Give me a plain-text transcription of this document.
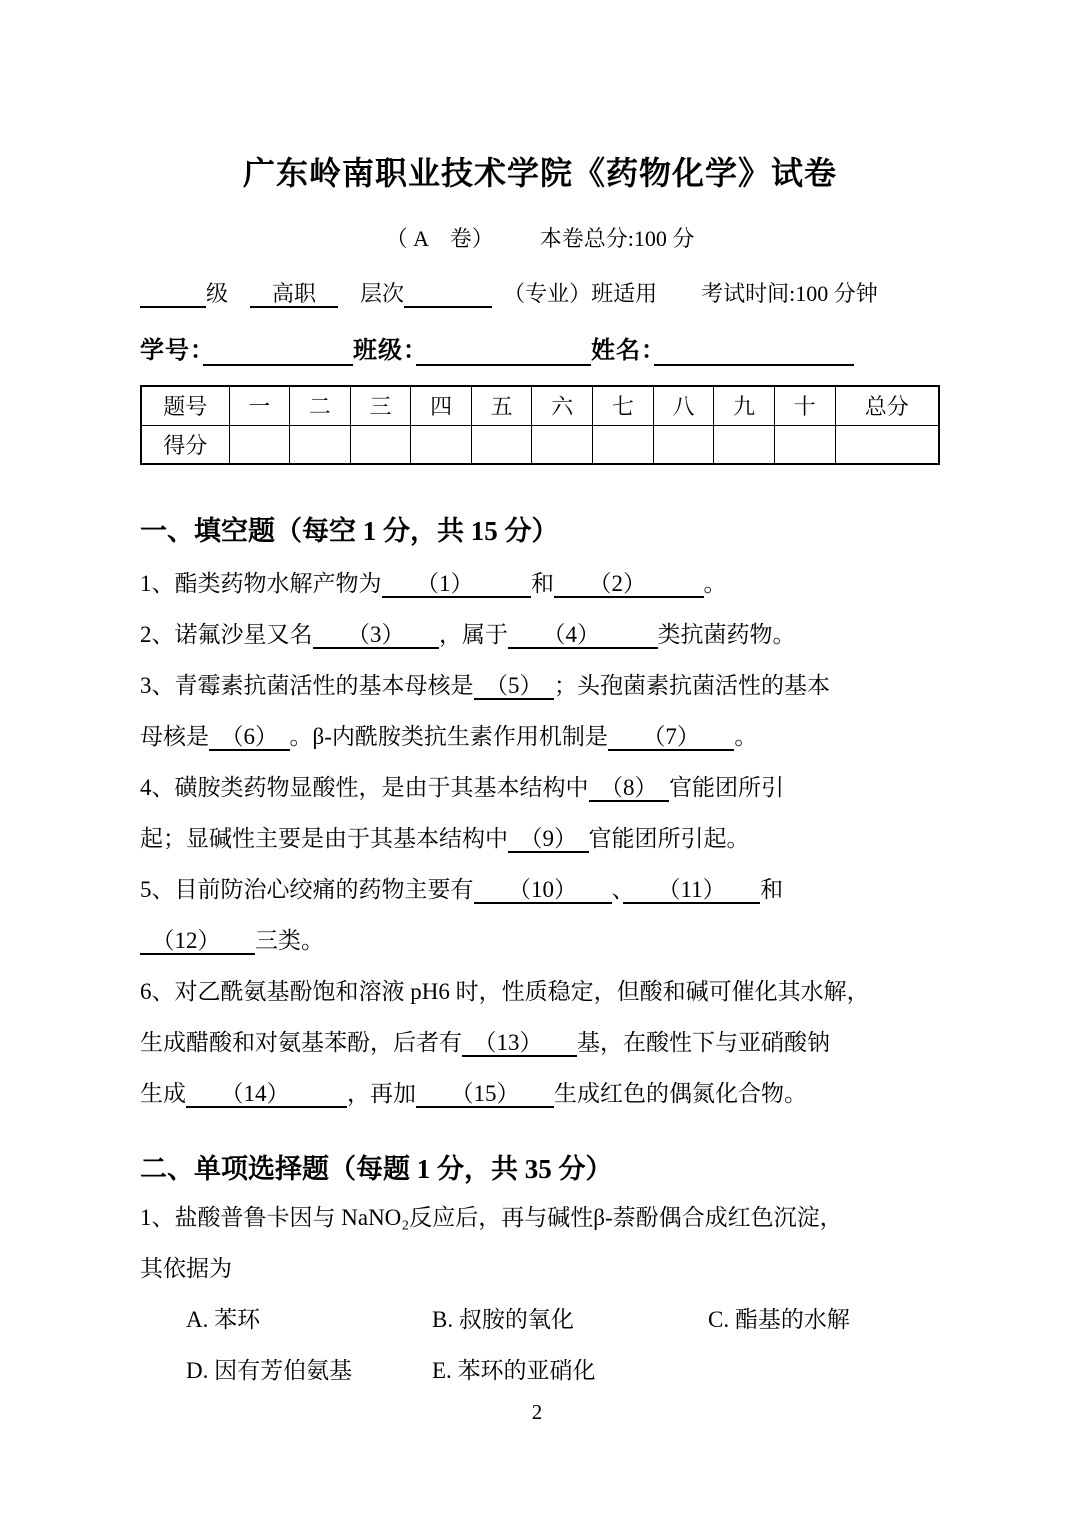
广东岭南职业技术学院《药物化学》试卷
（ A　卷） 本卷总分:100 分
　　　级　　高职　　层次　　　　	　（专业）班适用　　考试时间:100 分钟
学号：　　　　　　	班级：　　　　　　　	姓名：　　　　　　　　
题号	一	二	三	四	五	六	七	八	九	十	总分
得分											
一、填空题（每空 1 分，共 15 分）
1、酯类药物水解产物为　　（1）　　　和　　（2）　　　。
2、诺氟沙星又名　　（3）　　，属于　　（4）　　　类抗菌药物。
3、青霉素抗菌活性的基本母核是　（5）　；头孢菌素抗菌活性的基本
母核是　（6）　。β-内酰胺类抗生素作用机制是　　（7）　　。
4、磺胺类药物显酸性，是由于其基本结构中　（8）　官能团所引
起；显碱性主要是由于其基本结构中　（9）　官能团所引起。
5、目前防治心绞痛的药物主要有　　（10）　　、　　（11）　　和
　（12）　　三类。
6、对乙酰氨基酚饱和溶液 pH6 时，性质稳定，但酸和碱可催化其水解，
生成醋酸和对氨基苯酚，后者有　（13）　　基，在酸性下与亚硝酸钠
生成　　（14）　　　，再加　　（15）　　生成红色的偶氮化合物。
二、单项选择题（每题 1 分，共 35 分）
1、盐酸普鲁卡因与 NaNO₂反应后，再与碱性β-萘酚偶合成红色沉淀，
其依据为
A. 苯环	B. 叔胺的氧化	C. 酯基的水解
D. 因有芳伯氨基	E. 苯环的亚硝化
2
